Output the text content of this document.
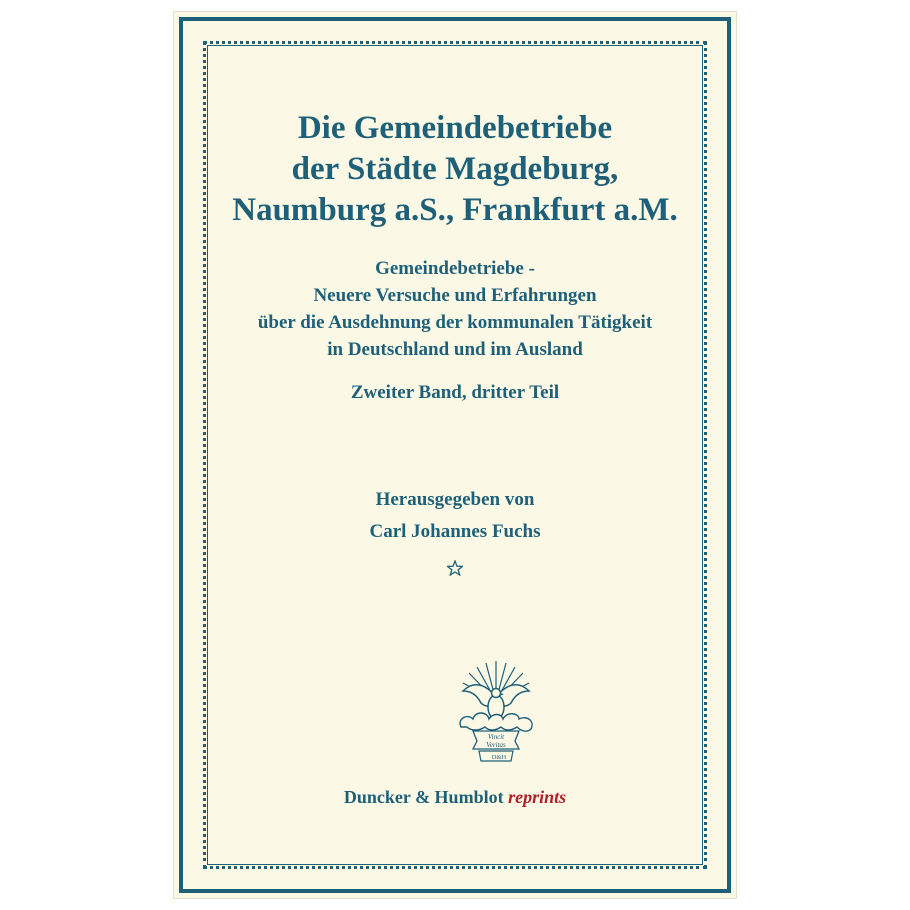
Die Gemeindebetriebe
der Städte Magdeburg,
Naumburg a.S., Frankfurt a.M.
Gemeindebetriebe -
Neuere Versuche und Erfahrungen
über die Ausdehnung der kommunalen Tätigkeit
in Deutschland und im Ausland
Zweiter Band, dritter Teil
Herausgegeben von
Carl Johannes Fuchs
Vincit
Veritas
D&H
Duncker & Humblot reprints
